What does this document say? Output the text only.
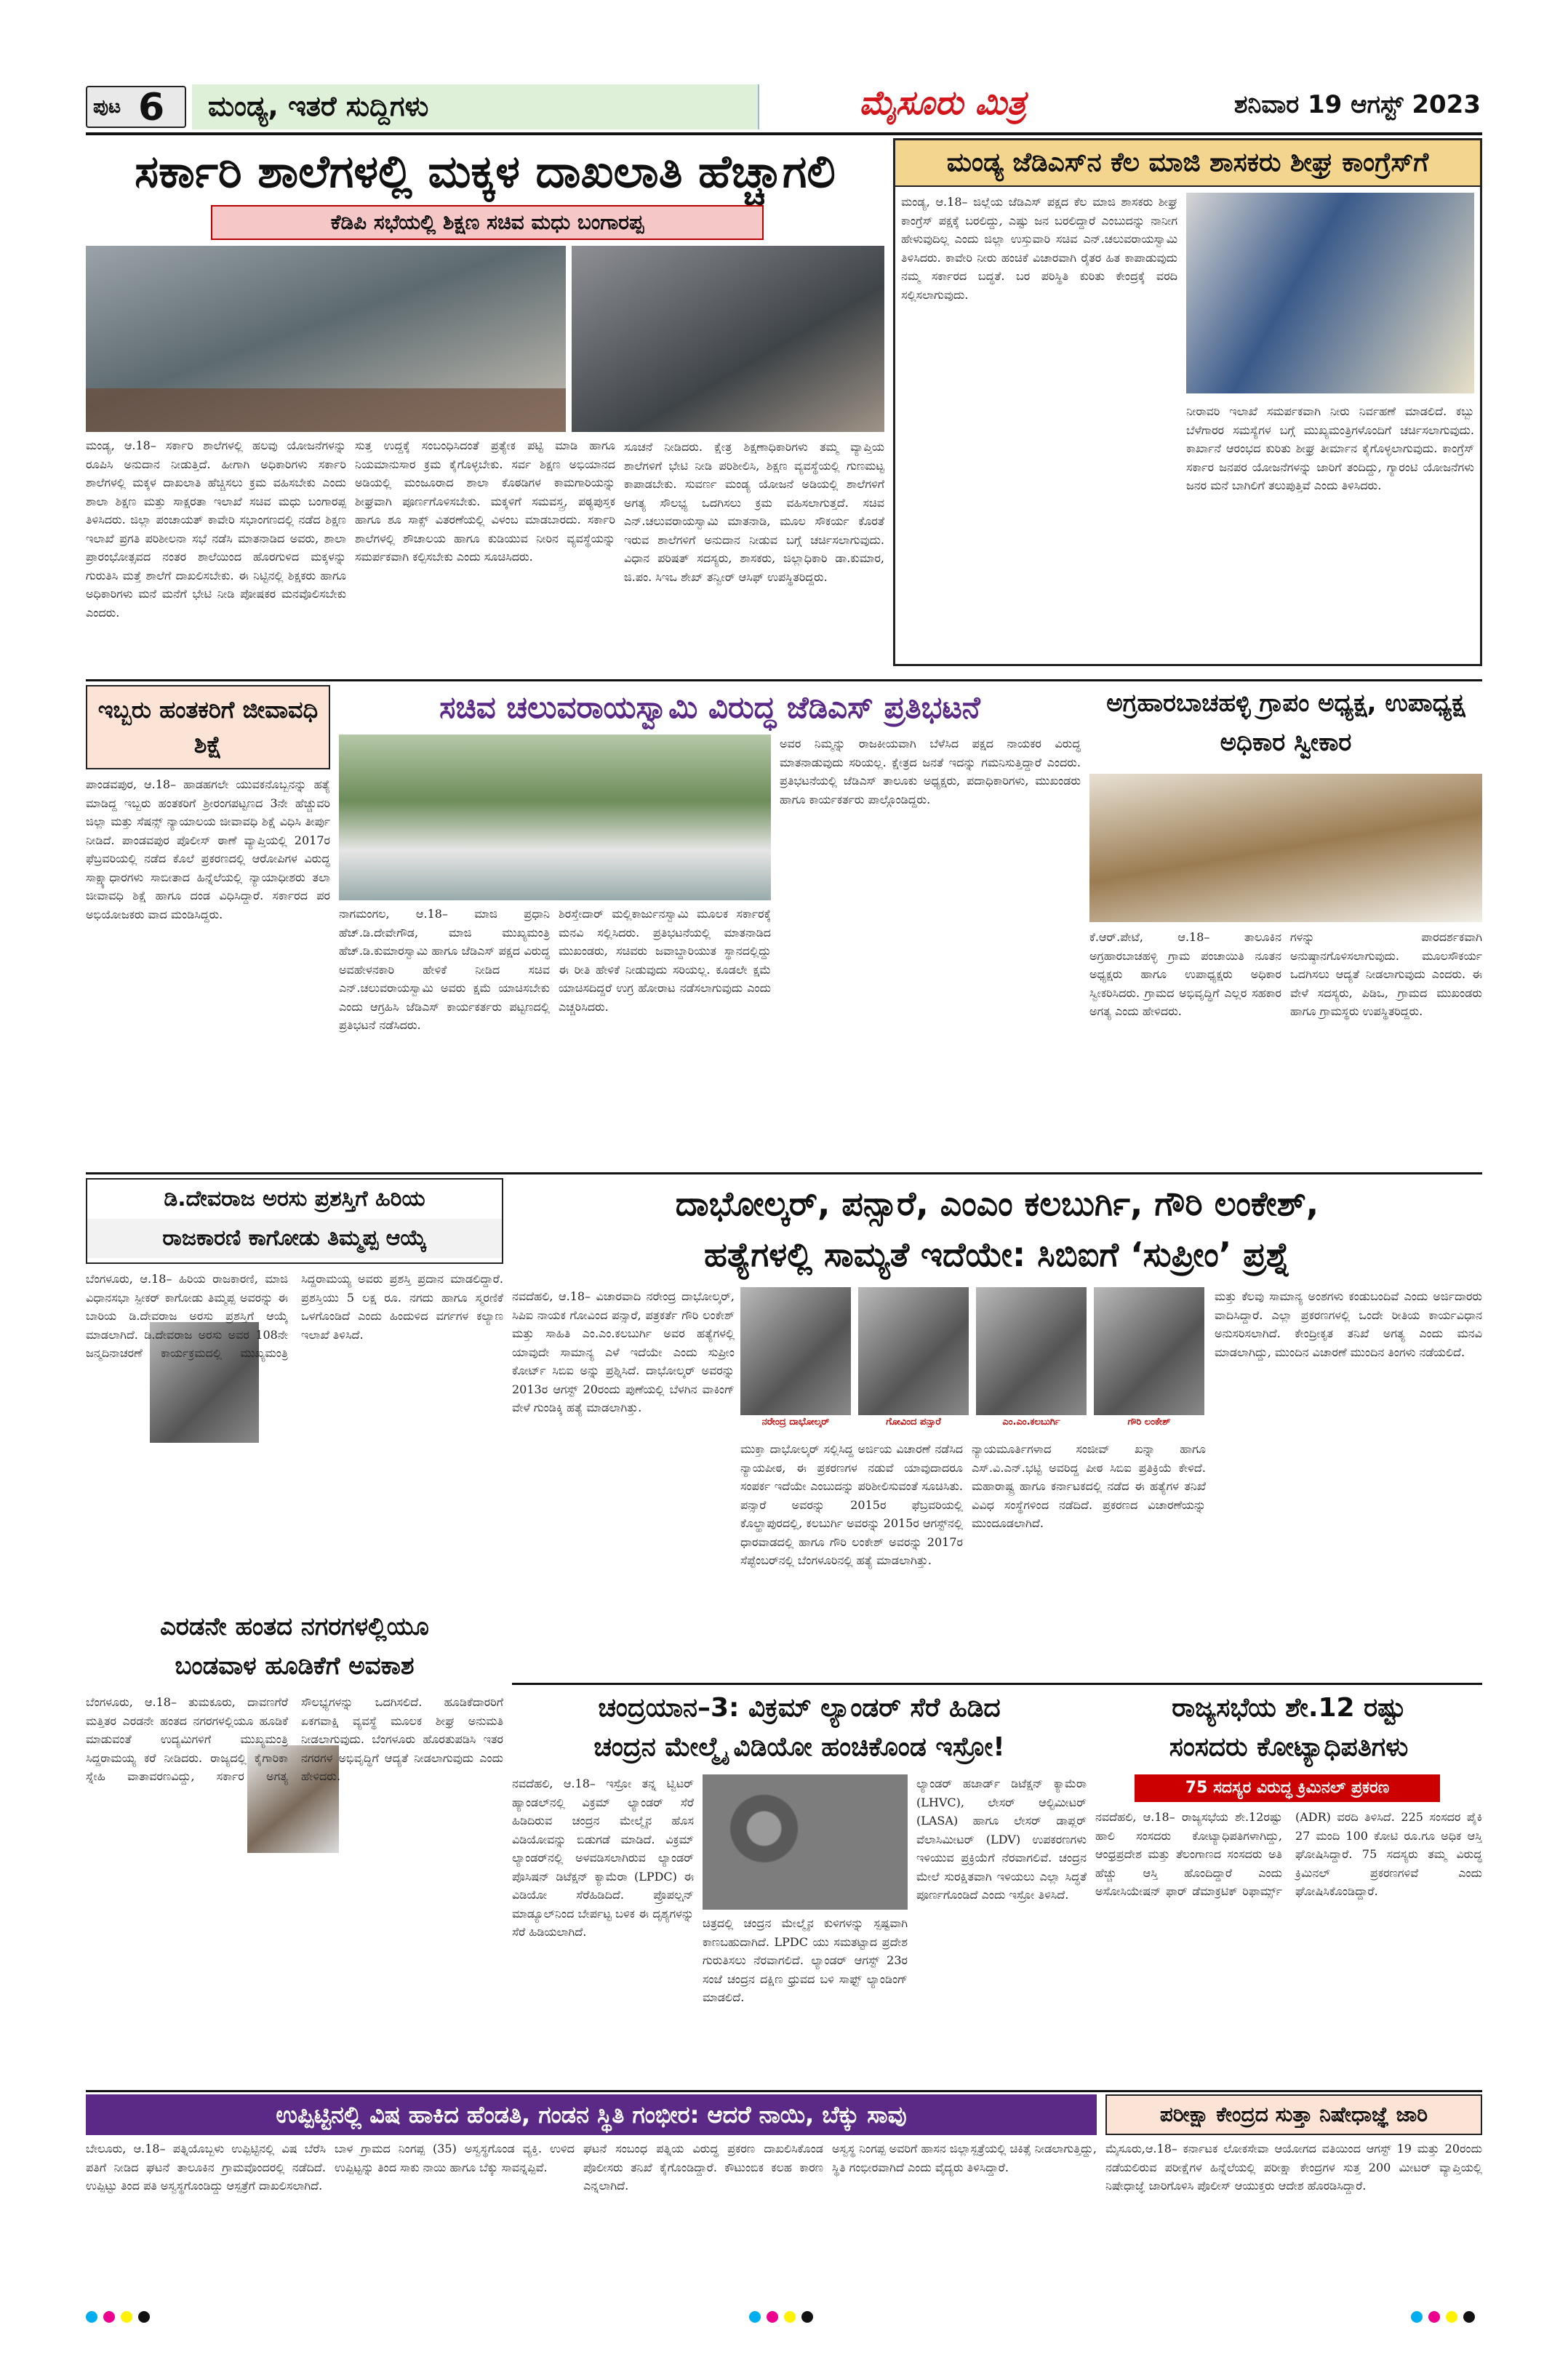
ಪುಟ 6 ಮಂಡ್ಯ, ಇತರೆ ಸುದ್ದಿಗಳು	ಮೈಸೂರು ಮಿತ್ರ	ಶನಿವಾರ 19 ಆಗಸ್ಟ್ 2023
ಸರ್ಕಾರಿ ಶಾಲೆಗಳಲ್ಲಿ ಮಕ್ಕಳ ದಾಖಲಾತಿ ಹೆಚ್ಚಾಗಲಿ
ಕೆಡಿಪಿ ಸಭೆಯಲ್ಲಿ ಶಿಕ್ಷಣ ಸಚಿವ ಮಧು ಬಂಗಾರಪ್ಪ
ಮಂಡ್ಯ, ಆ.18– ಸರ್ಕಾರಿ ಶಾಲೆಗಳಲ್ಲಿ ಹಲವು ಯೋಜನೆಗಳನ್ನು ರೂಪಿಸಿ ಅನುದಾನ ನೀಡುತ್ತಿದೆ. ಹೀಗಾಗಿ ಅಧಿಕಾರಿಗಳು ಸರ್ಕಾರಿ ಶಾಲೆಗಳಲ್ಲಿ ಮಕ್ಕಳ ದಾಖಲಾತಿ ಹೆಚ್ಚಿಸಲು ಕ್ರಮ ವಹಿಸಬೇಕು ಎಂದು ಶಾಲಾ ಶಿಕ್ಷಣ ಮತ್ತು ಸಾಕ್ಷರತಾ ಇಲಾಖೆ ಸಚಿವ ಮಧು ಬಂಗಾರಪ್ಪ ತಿಳಿಸಿದರು. ಜಿಲ್ಲಾ ಪಂಚಾಯತ್ ಕಾವೇರಿ ಸಭಾಂಗಣದಲ್ಲಿ ನಡೆದ ಶಿಕ್ಷಣ ಇಲಾಖೆ ಪ್ರಗತಿ ಪರಿಶೀಲನಾ ಸಭೆ ನಡೆಸಿ ಮಾತನಾಡಿದ ಅವರು, ಶಾಲಾ ಪ್ರಾರಂಭೋತ್ಸವದ ನಂತರ ಶಾಲೆಯಿಂದ ಹೊರಗುಳಿದ ಮಕ್ಕಳನ್ನು ಗುರುತಿಸಿ ಮತ್ತೆ ಶಾಲೆಗೆ ದಾಖಲಿಸಬೇಕು. ಈ ನಿಟ್ಟಿನಲ್ಲಿ ಶಿಕ್ಷಕರು ಹಾಗೂ ಅಧಿಕಾರಿಗಳು ಮನೆ ಮನೆಗೆ ಭೇಟಿ ನೀಡಿ ಪೋಷಕರ ಮನವೊಲಿಸಬೇಕು ಎಂದರು.
ಸುತ್ತ ಉದ್ದಕ್ಕೆ ಸಂಬಂಧಿಸಿದಂತೆ ಪ್ರತ್ಯೇಕ ಪಟ್ಟಿ ಮಾಡಿ ಹಾಗೂ ನಿಯಮಾನುಸಾರ ಕ್ರಮ ಕೈಗೊಳ್ಳಬೇಕು. ಸರ್ವ ಶಿಕ್ಷಣ ಅಭಿಯಾನದ ಅಡಿಯಲ್ಲಿ ಮಂಜೂರಾದ ಶಾಲಾ ಕೊಠಡಿಗಳ ಕಾಮಗಾರಿಯನ್ನು ಶೀಘ್ರವಾಗಿ ಪೂರ್ಣಗೊಳಿಸಬೇಕು. ಮಕ್ಕಳಿಗೆ ಸಮವಸ್ತ್ರ, ಪಠ್ಯಪುಸ್ತಕ ಹಾಗೂ ಶೂ ಸಾಕ್ಸ್ ವಿತರಣೆಯಲ್ಲಿ ವಿಳಂಬ ಮಾಡಬಾರದು. ಸರ್ಕಾರಿ ಶಾಲೆಗಳಲ್ಲಿ ಶೌಚಾಲಯ ಹಾಗೂ ಕುಡಿಯುವ ನೀರಿನ ವ್ಯವಸ್ಥೆಯನ್ನು ಸಮರ್ಪಕವಾಗಿ ಕಲ್ಪಿಸಬೇಕು ಎಂದು ಸೂಚಿಸಿದರು.
ಸೂಚನೆ ನೀಡಿದರು. ಕ್ಷೇತ್ರ ಶಿಕ್ಷಣಾಧಿಕಾರಿಗಳು ತಮ್ಮ ವ್ಯಾಪ್ತಿಯ ಶಾಲೆಗಳಿಗೆ ಭೇಟಿ ನೀಡಿ ಪರಿಶೀಲಿಸಿ, ಶಿಕ್ಷಣ ವ್ಯವಸ್ಥೆಯಲ್ಲಿ ಗುಣಮಟ್ಟ ಕಾಪಾಡಬೇಕು. ಸುವರ್ಣ ಮಂಡ್ಯ ಯೋಜನೆ ಅಡಿಯಲ್ಲಿ ಶಾಲೆಗಳಿಗೆ ಅಗತ್ಯ ಸೌಲಭ್ಯ ಒದಗಿಸಲು ಕ್ರಮ ವಹಿಸಲಾಗುತ್ತದೆ. ಸಚಿವ ಎನ್.ಚಲುವರಾಯಸ್ವಾಮಿ ಮಾತನಾಡಿ, ಮೂಲ ಸೌಕರ್ಯ ಕೊರತೆ ಇರುವ ಶಾಲೆಗಳಿಗೆ ಅನುದಾನ ನೀಡುವ ಬಗ್ಗೆ ಚರ್ಚಿಸಲಾಗುವುದು. ವಿಧಾನ ಪರಿಷತ್ ಸದಸ್ಯರು, ಶಾಸಕರು, ಜಿಲ್ಲಾಧಿಕಾರಿ ಡಾ.ಕುಮಾರ, ಜಿ.ಪಂ. ಸಿಇಒ ಶೇಖ್ ತನ್ವೀರ್ ಆಸಿಫ್ ಉಪಸ್ಥಿತರಿದ್ದರು.
ಮಂಡ್ಯ ಜೆಡಿಎಸ್‌ನ ಕೆಲ ಮಾಜಿ ಶಾಸಕರು ಶೀಘ್ರ ಕಾಂಗ್ರೆಸ್‌ಗೆ
ಮಂಡ್ಯ, ಆ.18– ಜಿಲ್ಲೆಯ ಜೆಡಿಎಸ್ ಪಕ್ಷದ ಕೆಲ ಮಾಜಿ ಶಾಸಕರು ಶೀಘ್ರ ಕಾಂಗ್ರೆಸ್ ಪಕ್ಷಕ್ಕೆ ಬರಲಿದ್ದು, ಎಷ್ಟು ಜನ ಬರಲಿದ್ದಾರೆ ಎಂಬುದನ್ನು ನಾನೀಗ ಹೇಳುವುದಿಲ್ಲ ಎಂದು ಜಿಲ್ಲಾ ಉಸ್ತುವಾರಿ ಸಚಿವ ಎನ್.ಚಲುವರಾಯಸ್ವಾಮಿ ತಿಳಿಸಿದರು. ಕಾವೇರಿ ನೀರು ಹಂಚಿಕೆ ವಿಚಾರವಾಗಿ ರೈತರ ಹಿತ ಕಾಪಾಡುವುದು ನಮ್ಮ ಸರ್ಕಾರದ ಬದ್ಧತೆ. ಬರ ಪರಿಸ್ಥಿತಿ ಕುರಿತು ಕೇಂದ್ರಕ್ಕೆ ವರದಿ ಸಲ್ಲಿಸಲಾಗುವುದು.
ನೀರಾವರಿ ಇಲಾಖೆ ಸಮರ್ಪಕವಾಗಿ ನೀರು ನಿರ್ವಹಣೆ ಮಾಡಲಿದೆ. ಕಬ್ಬು ಬೆಳೆಗಾರರ ಸಮಸ್ಯೆಗಳ ಬಗ್ಗೆ ಮುಖ್ಯಮಂತ್ರಿಗಳೊಂದಿಗೆ ಚರ್ಚಿಸಲಾಗುವುದು. ಕಾರ್ಖಾನೆ ಆರಂಭದ ಕುರಿತು ಶೀಘ್ರ ತೀರ್ಮಾನ ಕೈಗೊಳ್ಳಲಾಗುವುದು. ಕಾಂಗ್ರೆಸ್ ಸರ್ಕಾರ ಜನಪರ ಯೋಜನೆಗಳನ್ನು ಜಾರಿಗೆ ತಂದಿದ್ದು, ಗ್ಯಾರಂಟಿ ಯೋಜನೆಗಳು ಜನರ ಮನೆ ಬಾಗಿಲಿಗೆ ತಲುಪುತ್ತಿವೆ ಎಂದು ತಿಳಿಸಿದರು.
ಇಬ್ಬರು ಹಂತಕರಿಗೆ ಜೀವಾವಧಿ ಶಿಕ್ಷೆ
ಪಾಂಡವಪುರ, ಆ.18– ಹಾಡಹಗಲೇ ಯುವಕನೊಬ್ಬನನ್ನು ಹತ್ಯೆ ಮಾಡಿದ್ದ ಇಬ್ಬರು ಹಂತಕರಿಗೆ ಶ್ರೀರಂಗಪಟ್ಟಣದ 3ನೇ ಹೆಚ್ಚುವರಿ ಜಿಲ್ಲಾ ಮತ್ತು ಸೆಷನ್ಸ್ ನ್ಯಾಯಾಲಯ ಜೀವಾವಧಿ ಶಿಕ್ಷೆ ವಿಧಿಸಿ ತೀರ್ಪು ನೀಡಿದೆ. ಪಾಂಡವಪುರ ಪೊಲೀಸ್ ಠಾಣೆ ವ್ಯಾಪ್ತಿಯಲ್ಲಿ 2017ರ ಫೆಬ್ರವರಿಯಲ್ಲಿ ನಡೆದ ಕೊಲೆ ಪ್ರಕರಣದಲ್ಲಿ ಆರೋಪಿಗಳ ವಿರುದ್ಧ ಸಾಕ್ಷ್ಯಾಧಾರಗಳು ಸಾಬೀತಾದ ಹಿನ್ನೆಲೆಯಲ್ಲಿ ನ್ಯಾಯಾಧೀಶರು ತಲಾ ಜೀವಾವಧಿ ಶಿಕ್ಷೆ ಹಾಗೂ ದಂಡ ವಿಧಿಸಿದ್ದಾರೆ. ಸರ್ಕಾರದ ಪರ ಅಭಿಯೋಜಕರು ವಾದ ಮಂಡಿಸಿದ್ದರು.
ಸಚಿವ ಚಲುವರಾಯಸ್ವಾಮಿ ವಿರುದ್ಧ ಜೆಡಿಎಸ್ ಪ್ರತಿಭಟನೆ
ನಾಗಮಂಗಲ, ಆ.18– ಮಾಜಿ ಪ್ರಧಾನಿ ಹೆಚ್.ಡಿ.ದೇವೇಗೌಡ, ಮಾಜಿ ಮುಖ್ಯಮಂತ್ರಿ ಹೆಚ್.ಡಿ.ಕುಮಾರಸ್ವಾಮಿ ಹಾಗೂ ಜೆಡಿಎಸ್ ಪಕ್ಷದ ವಿರುದ್ಧ ಅವಹೇಳನಕಾರಿ ಹೇಳಿಕೆ ನೀಡಿದ ಸಚಿವ ಎನ್.ಚಲುವರಾಯಸ್ವಾಮಿ ಅವರು ಕ್ಷಮೆ ಯಾಚಿಸಬೇಕು ಎಂದು ಆಗ್ರಹಿಸಿ ಜೆಡಿಎಸ್ ಕಾರ್ಯಕರ್ತರು ಪಟ್ಟಣದಲ್ಲಿ ಪ್ರತಿಭಟನೆ ನಡೆಸಿದರು.
ಶಿರಸ್ತೇದಾರ್ ಮಲ್ಲಿಕಾರ್ಜುನಸ್ವಾಮಿ ಮೂಲಕ ಸರ್ಕಾರಕ್ಕೆ ಮನವಿ ಸಲ್ಲಿಸಿದರು. ಪ್ರತಿಭಟನೆಯಲ್ಲಿ ಮಾತನಾಡಿದ ಮುಖಂಡರು, ಸಚಿವರು ಜವಾಬ್ದಾರಿಯುತ ಸ್ಥಾನದಲ್ಲಿದ್ದು ಈ ರೀತಿ ಹೇಳಿಕೆ ನೀಡುವುದು ಸರಿಯಲ್ಲ. ಕೂಡಲೇ ಕ್ಷಮೆ ಯಾಚಿಸದಿದ್ದರೆ ಉಗ್ರ ಹೋರಾಟ ನಡೆಸಲಾಗುವುದು ಎಂದು ಎಚ್ಚರಿಸಿದರು.
ಅವರ ನಿಮ್ಮನ್ನು ರಾಜಕೀಯವಾಗಿ ಬೆಳೆಸಿದ ಪಕ್ಷದ ನಾಯಕರ ವಿರುದ್ಧ ಮಾತನಾಡುವುದು ಸರಿಯಲ್ಲ. ಕ್ಷೇತ್ರದ ಜನತೆ ಇದನ್ನು ಗಮನಿಸುತ್ತಿದ್ದಾರೆ ಎಂದರು. ಪ್ರತಿಭಟನೆಯಲ್ಲಿ ಜೆಡಿಎಸ್ ತಾಲೂಕು ಅಧ್ಯಕ್ಷರು, ಪದಾಧಿಕಾರಿಗಳು, ಮುಖಂಡರು ಹಾಗೂ ಕಾರ್ಯಕರ್ತರು ಪಾಲ್ಗೊಂಡಿದ್ದರು.
ಅಗ್ರಹಾರಬಾಚಹಳ್ಳಿ ಗ್ರಾಪಂ ಅಧ್ಯಕ್ಷ, ಉಪಾಧ್ಯಕ್ಷ ಅಧಿಕಾರ ಸ್ವೀಕಾರ
ಕೆ.ಆರ್.ಪೇಟೆ, ಆ.18– ತಾಲೂಕಿನ ಅಗ್ರಹಾರಬಾಚಹಳ್ಳಿ ಗ್ರಾಮ ಪಂಚಾಯಿತಿ ನೂತನ ಅಧ್ಯಕ್ಷರು ಹಾಗೂ ಉಪಾಧ್ಯಕ್ಷರು ಅಧಿಕಾರ ಸ್ವೀಕರಿಸಿದರು. ಗ್ರಾಮದ ಅಭಿವೃದ್ಧಿಗೆ ಎಲ್ಲರ ಸಹಕಾರ ಅಗತ್ಯ ಎಂದು ಹೇಳಿದರು.
ಗಳನ್ನು ಪಾರದರ್ಶಕವಾಗಿ ಅನುಷ್ಠಾನಗೊಳಿಸಲಾಗುವುದು. ಮೂಲಸೌಕರ್ಯ ಒದಗಿಸಲು ಆದ್ಯತೆ ನೀಡಲಾಗುವುದು ಎಂದರು. ಈ ವೇಳೆ ಸದಸ್ಯರು, ಪಿಡಿಒ, ಗ್ರಾಮದ ಮುಖಂಡರು ಹಾಗೂ ಗ್ರಾಮಸ್ಥರು ಉಪಸ್ಥಿತರಿದ್ದರು.
ಡಿ.ದೇವರಾಜ ಅರಸು ಪ್ರಶಸ್ತಿಗೆ ಹಿರಿಯ
ರಾಜಕಾರಣಿ ಕಾಗೋಡು ತಿಮ್ಮಪ್ಪ ಆಯ್ಕೆ
ಬೆಂಗಳೂರು, ಆ.18– ಹಿರಿಯ ರಾಜಕಾರಣಿ, ಮಾಜಿ ವಿಧಾನಸಭಾ ಸ್ಪೀಕರ್ ಕಾಗೋಡು ತಿಮ್ಮಪ್ಪ ಅವರನ್ನು ಈ ಬಾರಿಯ ಡಿ.ದೇವರಾಜ ಅರಸು ಪ್ರಶಸ್ತಿಗೆ ಆಯ್ಕೆ ಮಾಡಲಾಗಿದೆ. ಡಿ.ದೇವರಾಜ ಅರಸು ಅವರ 108ನೇ ಜನ್ಮದಿನಾಚರಣೆ ಕಾರ್ಯಕ್ರಮದಲ್ಲಿ ಮುಖ್ಯಮಂತ್ರಿ ಸಿದ್ದರಾಮಯ್ಯ ಅವರು ಪ್ರಶಸ್ತಿ ಪ್ರದಾನ ಮಾಡಲಿದ್ದಾರೆ. ಪ್ರಶಸ್ತಿಯು 5 ಲಕ್ಷ ರೂ. ನಗದು ಹಾಗೂ ಸ್ಮರಣಿಕೆ ಒಳಗೊಂಡಿದೆ ಎಂದು ಹಿಂದುಳಿದ ವರ್ಗಗಳ ಕಲ್ಯಾಣ ಇಲಾಖೆ ತಿಳಿಸಿದೆ.
ಎರಡನೇ ಹಂತದ ನಗರಗಳಲ್ಲಿಯೂ
ಬಂಡವಾಳ ಹೂಡಿಕೆಗೆ ಅವಕಾಶ
ಬೆಂಗಳೂರು, ಆ.18– ತುಮಕೂರು, ದಾವಣಗೆರೆ ಮತ್ತಿತರ ಎರಡನೇ ಹಂತದ ನಗರಗಳಲ್ಲಿಯೂ ಹೂಡಿಕೆ ಮಾಡುವಂತೆ ಉದ್ಯಮಿಗಳಿಗೆ ಮುಖ್ಯಮಂತ್ರಿ ಸಿದ್ದರಾಮಯ್ಯ ಕರೆ ನೀಡಿದರು. ರಾಜ್ಯದಲ್ಲಿ ಕೈಗಾರಿಕಾ ಸ್ನೇಹಿ ವಾತಾವರಣವಿದ್ದು, ಸರ್ಕಾರ ಅಗತ್ಯ ಸೌಲಭ್ಯಗಳನ್ನು ಒದಗಿಸಲಿದೆ. ಹೂಡಿಕೆದಾರರಿಗೆ ಏಕಗವಾಕ್ಷಿ ವ್ಯವಸ್ಥೆ ಮೂಲಕ ಶೀಘ್ರ ಅನುಮತಿ ನೀಡಲಾಗುವುದು. ಬೆಂಗಳೂರು ಹೊರತುಪಡಿಸಿ ಇತರ ನಗರಗಳ ಅಭಿವೃದ್ಧಿಗೆ ಆದ್ಯತೆ ನೀಡಲಾಗುವುದು ಎಂದು ಹೇಳಿದರು.
ದಾಭೋಲ್ಕರ್, ಪನ್ಸಾರೆ, ಎಂಎಂ ಕಲಬುರ್ಗಿ, ಗೌರಿ ಲಂಕೇಶ್,
ಹತ್ಯೆಗಳಲ್ಲಿ ಸಾಮ್ಯತೆ ಇದೆಯೇ: ಸಿಬಿಐಗೆ ‘ಸುಪ್ರೀಂ’ ಪ್ರಶ್ನೆ
ನವದೆಹಲಿ, ಆ.18– ವಿಚಾರವಾದಿ ನರೇಂದ್ರ ದಾಭೋಲ್ಕರ್, ಸಿಪಿಐ ನಾಯಕ ಗೋವಿಂದ ಪನ್ಸಾರೆ, ಪತ್ರಕರ್ತೆ ಗೌರಿ ಲಂಕೇಶ್ ಮತ್ತು ಸಾಹಿತಿ ಎಂ.ಎಂ.ಕಲಬುರ್ಗಿ ಅವರ ಹತ್ಯೆಗಳಲ್ಲಿ ಯಾವುದೇ ಸಾಮಾನ್ಯ ಎಳೆ ಇದೆಯೇ ಎಂದು ಸುಪ್ರೀಂ ಕೋರ್ಟ್ ಸಿಬಿಐ ಅನ್ನು ಪ್ರಶ್ನಿಸಿದೆ. ದಾಭೋಲ್ಕರ್ ಅವರನ್ನು 2013ರ ಆಗಸ್ಟ್ 20ರಂದು ಪುಣೆಯಲ್ಲಿ ಬೆಳಗಿನ ವಾಕಿಂಗ್ ವೇಳೆ ಗುಂಡಿಕ್ಕಿ ಹತ್ಯೆ ಮಾಡಲಾಗಿತ್ತು.
ನರೇಂದ್ರ ದಾಭೋಲ್ಕರ್	ಗೋವಿಂದ ಪನ್ಸಾರೆ	ಎಂ.ಎಂ.ಕಲಬುರ್ಗಿ	ಗೌರಿ ಲಂಕೇಶ್
ಮುಕ್ತಾ ದಾಭೋಲ್ಕರ್ ಸಲ್ಲಿಸಿದ್ದ ಅರ್ಜಿಯ ವಿಚಾರಣೆ ನಡೆಸಿದ ನ್ಯಾಯಪೀಠ, ಈ ಪ್ರಕರಣಗಳ ನಡುವೆ ಯಾವುದಾದರೂ ಸಂಪರ್ಕ ಇದೆಯೇ ಎಂಬುದನ್ನು ಪರಿಶೀಲಿಸುವಂತೆ ಸೂಚಿಸಿತು. ಪನ್ಸಾರೆ ಅವರನ್ನು 2015ರ ಫೆಬ್ರವರಿಯಲ್ಲಿ ಕೊಲ್ಹಾಪುರದಲ್ಲಿ, ಕಲಬುರ್ಗಿ ಅವರನ್ನು 2015ರ ಆಗಸ್ಟ್‌ನಲ್ಲಿ ಧಾರವಾಡದಲ್ಲಿ ಹಾಗೂ ಗೌರಿ ಲಂಕೇಶ್ ಅವರನ್ನು 2017ರ ಸೆಪ್ಟೆಂಬರ್‌ನಲ್ಲಿ ಬೆಂಗಳೂರಿನಲ್ಲಿ ಹತ್ಯೆ ಮಾಡಲಾಗಿತ್ತು.
ನ್ಯಾಯಮೂರ್ತಿಗಳಾದ ಸಂಜೀವ್ ಖನ್ನಾ ಹಾಗೂ ಎಸ್.ವಿ.ಎನ್.ಭಟ್ಟಿ ಅವರಿದ್ದ ಪೀಠ ಸಿಬಿಐ ಪ್ರತಿಕ್ರಿಯೆ ಕೇಳಿದೆ. ಮಹಾರಾಷ್ಟ್ರ ಹಾಗೂ ಕರ್ನಾಟಕದಲ್ಲಿ ನಡೆದ ಈ ಹತ್ಯೆಗಳ ತನಿಖೆ ವಿವಿಧ ಸಂಸ್ಥೆಗಳಿಂದ ನಡೆದಿದೆ. ಪ್ರಕರಣದ ವಿಚಾರಣೆಯನ್ನು ಮುಂದೂಡಲಾಗಿದೆ.
ಮತ್ತು ಕೆಲವು ಸಾಮಾನ್ಯ ಅಂಶಗಳು ಕಂಡುಬಂದಿವೆ ಎಂದು ಅರ್ಜಿದಾರರು ವಾದಿಸಿದ್ದಾರೆ. ಎಲ್ಲಾ ಪ್ರಕರಣಗಳಲ್ಲಿ ಒಂದೇ ರೀತಿಯ ಕಾರ್ಯವಿಧಾನ ಅನುಸರಿಸಲಾಗಿದೆ. ಕೇಂದ್ರೀಕೃತ ತನಿಖೆ ಅಗತ್ಯ ಎಂದು ಮನವಿ ಮಾಡಲಾಗಿದ್ದು, ಮುಂದಿನ ವಿಚಾರಣೆ ಮುಂದಿನ ತಿಂಗಳು ನಡೆಯಲಿದೆ.
ಚಂದ್ರಯಾನ–3: ವಿಕ್ರಮ್ ಲ್ಯಾಂಡರ್ ಸೆರೆ ಹಿಡಿದ
ಚಂದ್ರನ ಮೇಲ್ಮೈ ವಿಡಿಯೋ ಹಂಚಿಕೊಂಡ ಇಸ್ರೋ!
ನವದೆಹಲಿ, ಆ.18– ಇಸ್ರೋ ತನ್ನ ಟ್ವಿಟರ್ ಹ್ಯಾಂಡಲ್‌ನಲ್ಲಿ ವಿಕ್ರಮ್ ಲ್ಯಾಂಡರ್ ಸೆರೆ ಹಿಡಿದಿರುವ ಚಂದ್ರನ ಮೇಲ್ಮೈನ ಹೊಸ ವಿಡಿಯೋವನ್ನು ಬಿಡುಗಡೆ ಮಾಡಿದೆ. ವಿಕ್ರಮ್ ಲ್ಯಾಂಡರ್‌ನಲ್ಲಿ ಅಳವಡಿಸಲಾಗಿರುವ ಲ್ಯಾಂಡರ್ ಪೊಸಿಷನ್ ಡಿಟೆಕ್ಷನ್ ಕ್ಯಾಮೆರಾ (LPDC) ಈ ವಿಡಿಯೋ ಸೆರೆಹಿಡಿದಿದೆ. ಪ್ರೊಪಲ್ಷನ್ ಮಾಡ್ಯೂಲ್‌ನಿಂದ ಬೇರ್ಪಟ್ಟ ಬಳಿಕ ಈ ದೃಶ್ಯಗಳನ್ನು ಸೆರೆ ಹಿಡಿಯಲಾಗಿದೆ.
ಚಿತ್ರದಲ್ಲಿ ಚಂದ್ರನ ಮೇಲ್ಮೈನ ಕುಳಿಗಳನ್ನು ಸ್ಪಷ್ಟವಾಗಿ ಕಾಣಬಹುದಾಗಿದೆ. LPDC ಯು ಸಮತಟ್ಟಾದ ಪ್ರದೇಶ ಗುರುತಿಸಲು ನೆರವಾಗಲಿದೆ. ಲ್ಯಾಂಡರ್ ಆಗಸ್ಟ್ 23ರ ಸಂಜೆ ಚಂದ್ರನ ದಕ್ಷಿಣ ಧ್ರುವದ ಬಳಿ ಸಾಫ್ಟ್ ಲ್ಯಾಂಡಿಂಗ್ ಮಾಡಲಿದೆ.
ಲ್ಯಾಂಡರ್ ಹಜಾರ್ಡ್ ಡಿಟೆಕ್ಷನ್ ಕ್ಯಾಮೆರಾ (LHVC), ಲೇಸರ್ ಆಲ್ಟಿಮೀಟರ್ (LASA) ಹಾಗೂ ಲೇಸರ್ ಡಾಪ್ಲರ್ ವೆಲಾಸಿಮೀಟರ್ (LDV) ಉಪಕರಣಗಳು ಇಳಿಯುವ ಪ್ರಕ್ರಿಯೆಗೆ ನೆರವಾಗಲಿವೆ. ಚಂದ್ರನ ಮೇಲೆ ಸುರಕ್ಷಿತವಾಗಿ ಇಳಿಯಲು ಎಲ್ಲಾ ಸಿದ್ಧತೆ ಪೂರ್ಣಗೊಂಡಿದೆ ಎಂದು ಇಸ್ರೋ ತಿಳಿಸಿದೆ.
ರಾಜ್ಯಸಭೆಯ ಶೇ.12 ರಷ್ಟು
ಸಂಸದರು ಕೋಟ್ಯಾಧಿಪತಿಗಳು
75 ಸದಸ್ಯರ ವಿರುದ್ಧ ಕ್ರಿಮಿನಲ್ ಪ್ರಕರಣ
ನವದೆಹಲಿ, ಆ.18– ರಾಜ್ಯಸಭೆಯ ಶೇ.12ರಷ್ಟು ಹಾಲಿ ಸಂಸದರು ಕೋಟ್ಯಾಧಿಪತಿಗಳಾಗಿದ್ದು, ಆಂಧ್ರಪ್ರದೇಶ ಮತ್ತು ತೆಲಂಗಾಣದ ಸಂಸದರು ಅತಿ ಹೆಚ್ಚು ಆಸ್ತಿ ಹೊಂದಿದ್ದಾರೆ ಎಂದು ಅಸೋಸಿಯೇಷನ್ ಫಾರ್ ಡೆಮಾಕ್ರಟಿಕ್ ರಿಫಾರ್ಮ್ಸ್ (ADR) ವರದಿ ತಿಳಿಸಿದೆ. 225 ಸಂಸದರ ಪೈಕಿ 27 ಮಂದಿ 100 ಕೋಟಿ ರೂ.ಗೂ ಅಧಿಕ ಆಸ್ತಿ ಘೋಷಿಸಿದ್ದಾರೆ. 75 ಸದಸ್ಯರು ತಮ್ಮ ವಿರುದ್ಧ ಕ್ರಿಮಿನಲ್ ಪ್ರಕರಣಗಳಿವೆ ಎಂದು ಘೋಷಿಸಿಕೊಂಡಿದ್ದಾರೆ.
ಉಪ್ಪಿಟ್ಟಿನಲ್ಲಿ ವಿಷ ಹಾಕಿದ ಹೆಂಡತಿ, ಗಂಡನ ಸ್ಥಿತಿ ಗಂಭೀರ: ಆದರೆ ನಾಯಿ, ಬೆಕ್ಕು ಸಾವು
ಬೇಲೂರು, ಆ.18– ಪತ್ನಿಯೊಬ್ಬಳು ಉಪ್ಪಿಟ್ಟಿನಲ್ಲಿ ವಿಷ ಬೆರೆಸಿ ಪತಿಗೆ ನೀಡಿದ ಘಟನೆ ತಾಲೂಕಿನ ಗ್ರಾಮವೊಂದರಲ್ಲಿ ನಡೆದಿದೆ. ಉಪ್ಪಿಟ್ಟು ತಿಂದ ಪತಿ ಅಸ್ವಸ್ಥಗೊಂಡಿದ್ದು ಆಸ್ಪತ್ರೆಗೆ ದಾಖಲಿಸಲಾಗಿದೆ.
ಬಾಳ ಗ್ರಾಮದ ನಿಂಗಪ್ಪ (35) ಅಸ್ವಸ್ಥಗೊಂಡ ವ್ಯಕ್ತಿ. ಉಳಿದ ಉಪ್ಪಿಟ್ಟನ್ನು ತಿಂದ ಸಾಕು ನಾಯಿ ಹಾಗೂ ಬೆಕ್ಕು ಸಾವನ್ನಪ್ಪಿವೆ.
ಘಟನೆ ಸಂಬಂಧ ಪತ್ನಿಯ ವಿರುದ್ಧ ಪ್ರಕರಣ ದಾಖಲಿಸಿಕೊಂಡ ಪೊಲೀಸರು ತನಿಖೆ ಕೈಗೊಂಡಿದ್ದಾರೆ. ಕೌಟುಂಬಿಕ ಕಲಹ ಕಾರಣ ಎನ್ನಲಾಗಿದೆ.
ಅಸ್ವಸ್ಥ ನಿಂಗಪ್ಪ ಅವರಿಗೆ ಹಾಸನ ಜಿಲ್ಲಾಸ್ಪತ್ರೆಯಲ್ಲಿ ಚಿಕಿತ್ಸೆ ನೀಡಲಾಗುತ್ತಿದ್ದು, ಸ್ಥಿತಿ ಗಂಭೀರವಾಗಿದೆ ಎಂದು ವೈದ್ಯರು ತಿಳಿಸಿದ್ದಾರೆ.
ಪರೀಕ್ಷಾ ಕೇಂದ್ರದ ಸುತ್ತಾ ನಿಷೇಧಾಜ್ಞೆ ಜಾರಿ
ಮೈಸೂರು,ಆ.18– ಕರ್ನಾಟಕ ಲೋಕಸೇವಾ ಆಯೋಗದ ವತಿಯಿಂದ ಆಗಸ್ಟ್ 19 ಮತ್ತು 20ರಂದು ನಡೆಯಲಿರುವ ಪರೀಕ್ಷೆಗಳ ಹಿನ್ನೆಲೆಯಲ್ಲಿ ಪರೀಕ್ಷಾ ಕೇಂದ್ರಗಳ ಸುತ್ತ 200 ಮೀಟರ್ ವ್ಯಾಪ್ತಿಯಲ್ಲಿ ನಿಷೇಧಾಜ್ಞೆ ಜಾರಿಗೊಳಿಸಿ ಪೊಲೀಸ್ ಆಯುಕ್ತರು ಆದೇಶ ಹೊರಡಿಸಿದ್ದಾರೆ.
